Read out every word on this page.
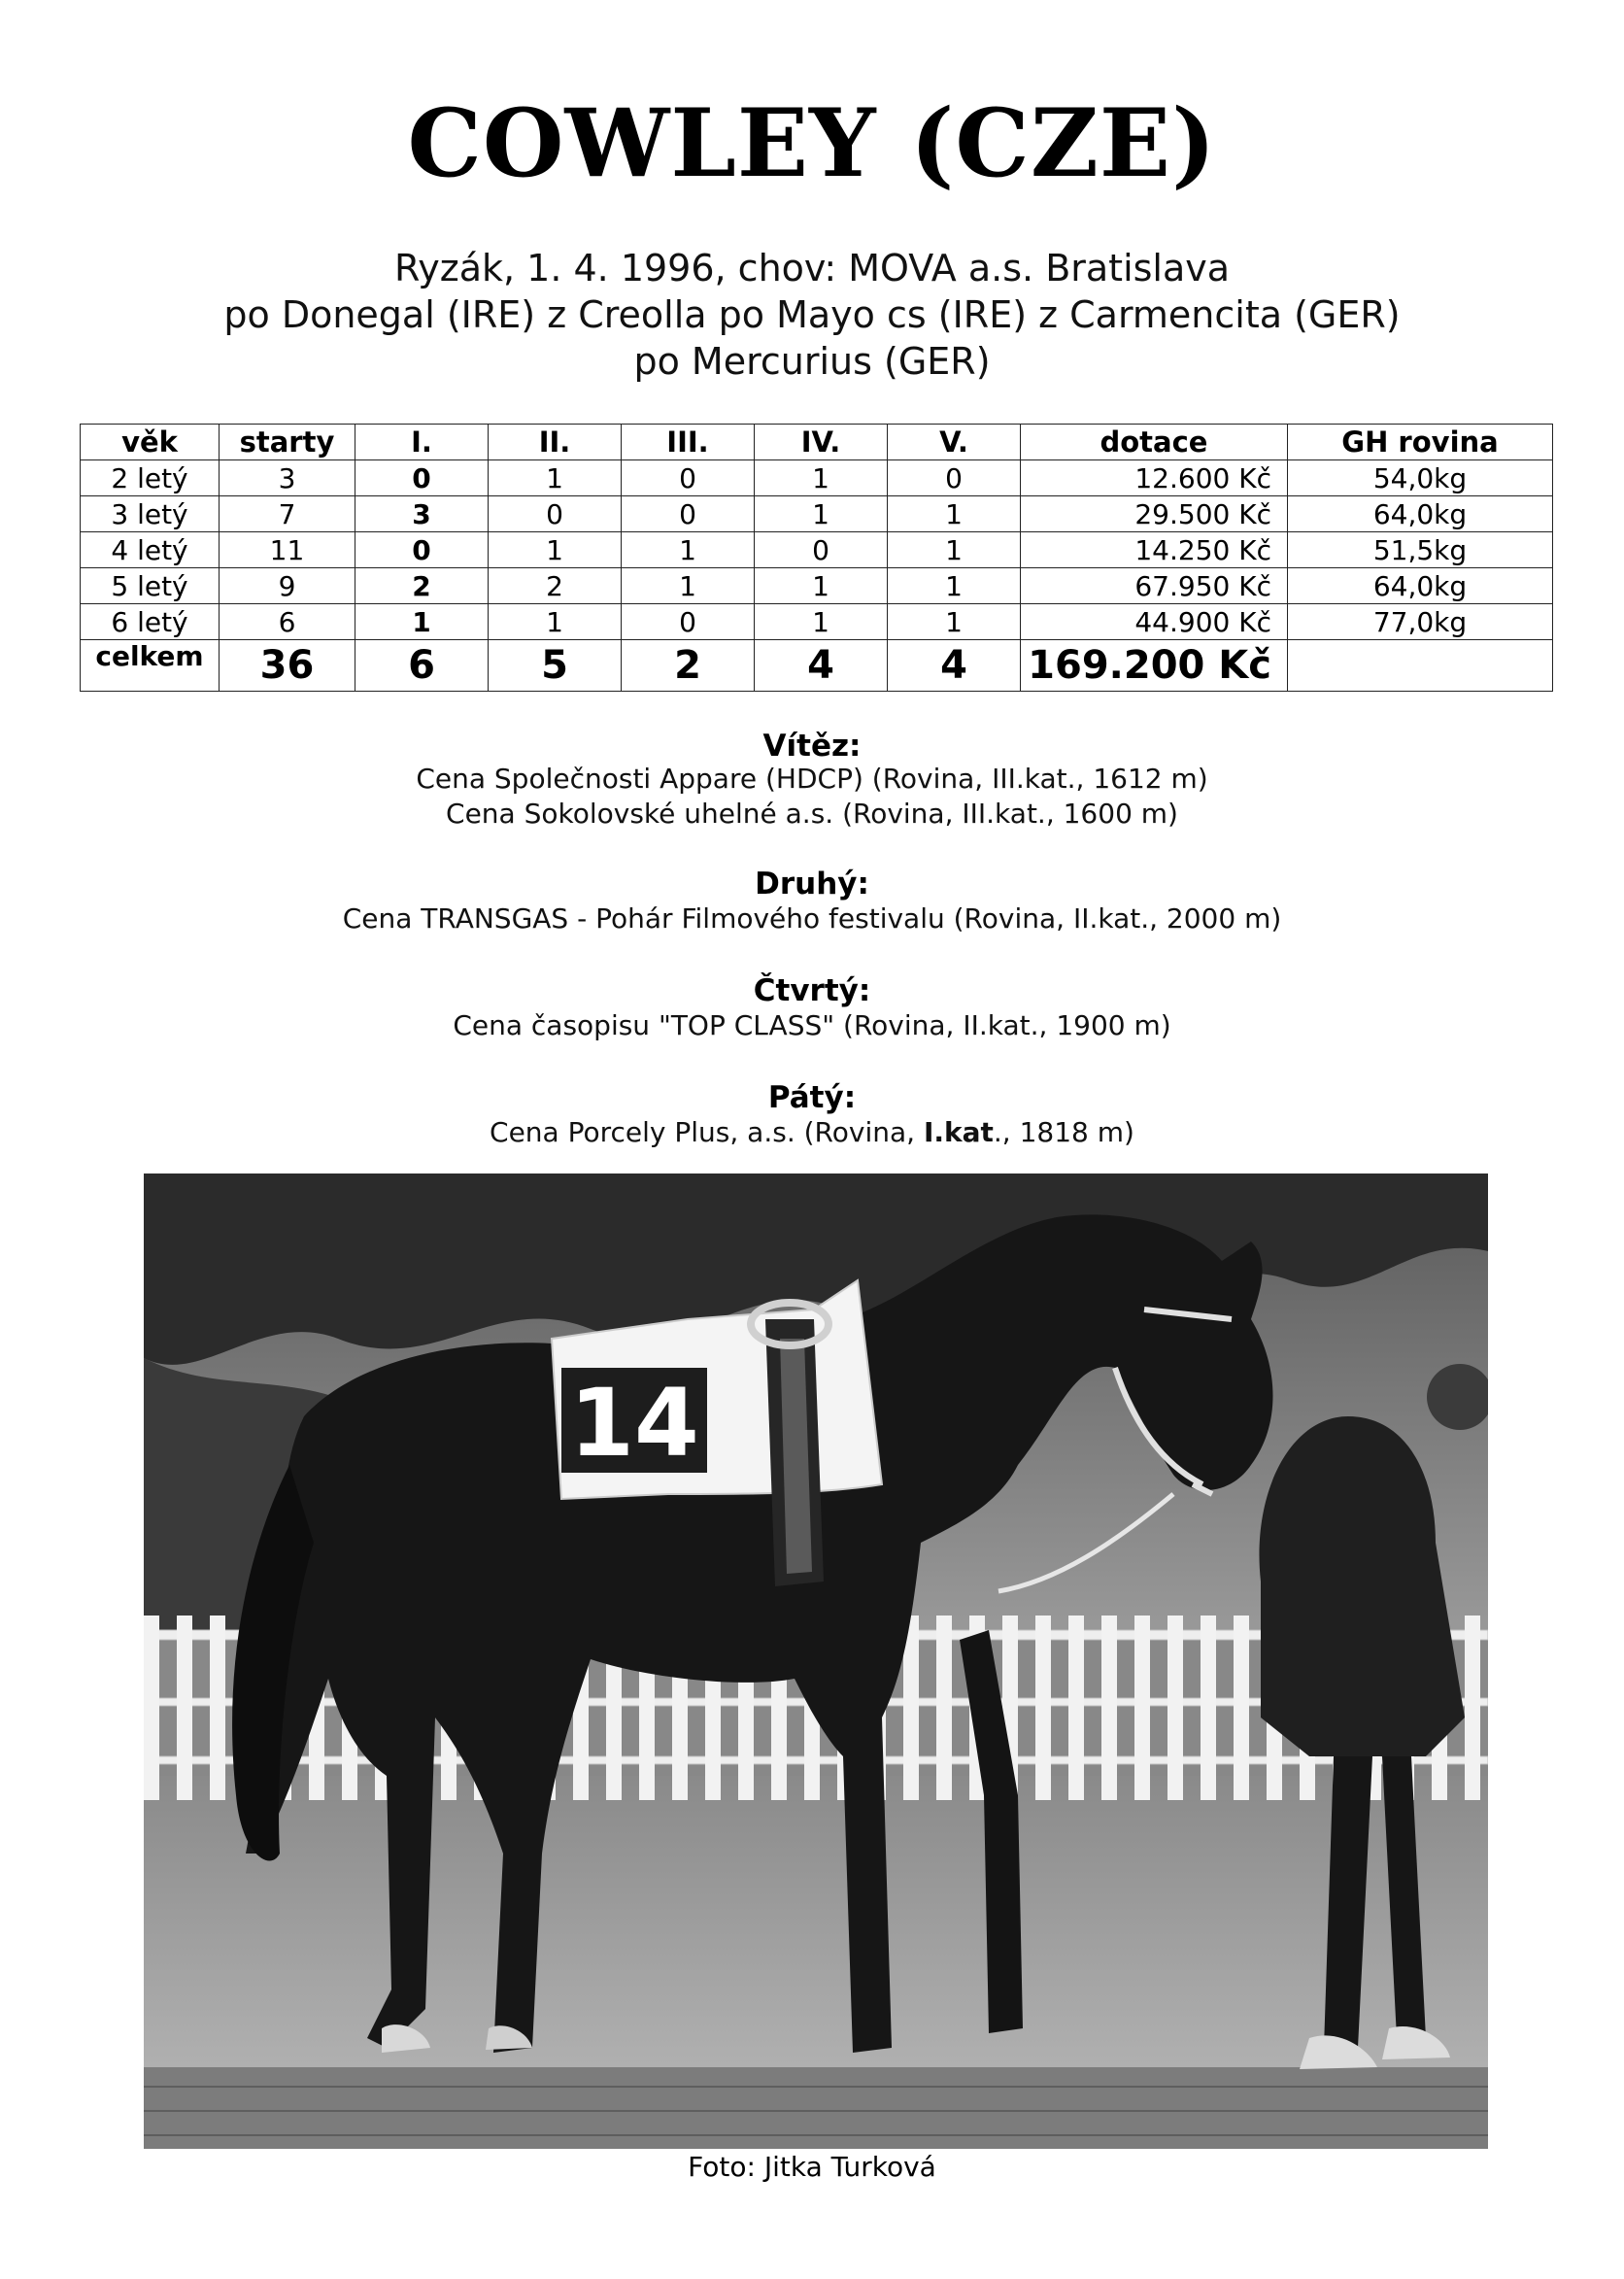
COWLEY (CZE)
Ryzák, 1. 4. 1996, chov: MOVA a.s. Bratislava
po Donegal (IRE) z Creolla po Mayo cs (IRE) z Carmencita (GER)
po Mercurius (GER)
věk	starty	I.	II.	III.	IV.	V.	dotace	GH rovina
2 letý	3	0	1	0	1	0	12.600 Kč	54,0kg
3 letý	7	3	0	0	1	1	29.500 Kč	64,0kg
4 letý	11	0	1	1	0	1	14.250 Kč	51,5kg
5 letý	9	2	2	1	1	1	67.950 Kč	64,0kg
6 letý	6	1	1	0	1	1	44.900 Kč	77,0kg
celkem	36	6	5	2	4	4	169.200 Kč	
Vítěz:
Cena Společnosti Appare (HDCP) (Rovina, III.kat., 1612 m)
Cena Sokolovské uhelné a.s. (Rovina, III.kat., 1600 m)
Druhý:
Cena TRANSGAS - Pohár Filmového festivalu (Rovina, II.kat., 2000 m)
Čtvrtý:
Cena časopisu "TOP CLASS" (Rovina, II.kat., 1900 m)
Pátý:
Cena Porcely Plus, a.s. (Rovina, I.kat., 1818 m)
14
Foto: Jitka Turková
